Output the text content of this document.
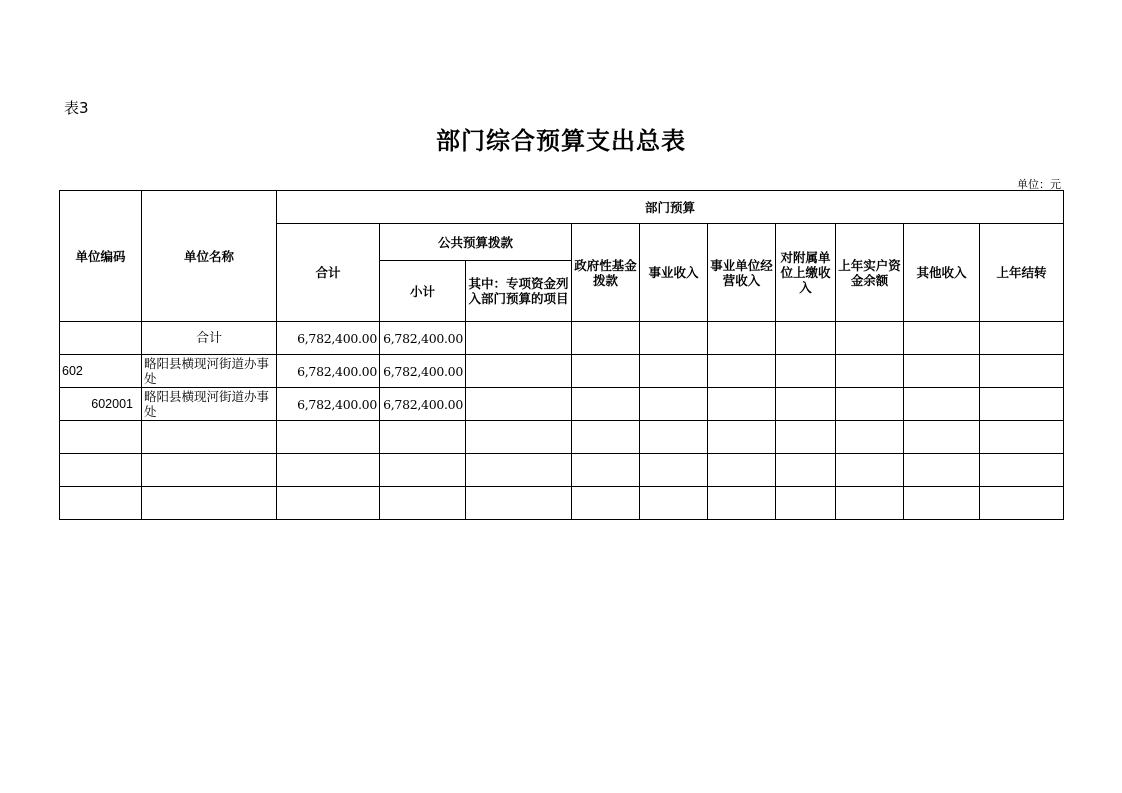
表3
部门综合预算支出总表
单位：元
单位编码	单位名称	部门预算									
		合计	公共预算拨款		政府性基金拨款	事业收入	事业单位经营收入	对附属单位上缴收入	上年实户资金余额	其他收入	上年结转
			小计	其中：专项资金列入部门预算的项目							
	合计	6,782,400.00	6,782,400.00								
602	略阳县横现河街道办事处	6,782,400.00	6,782,400.00								
602001	略阳县横现河街道办事处	6,782,400.00	6,782,400.00								
